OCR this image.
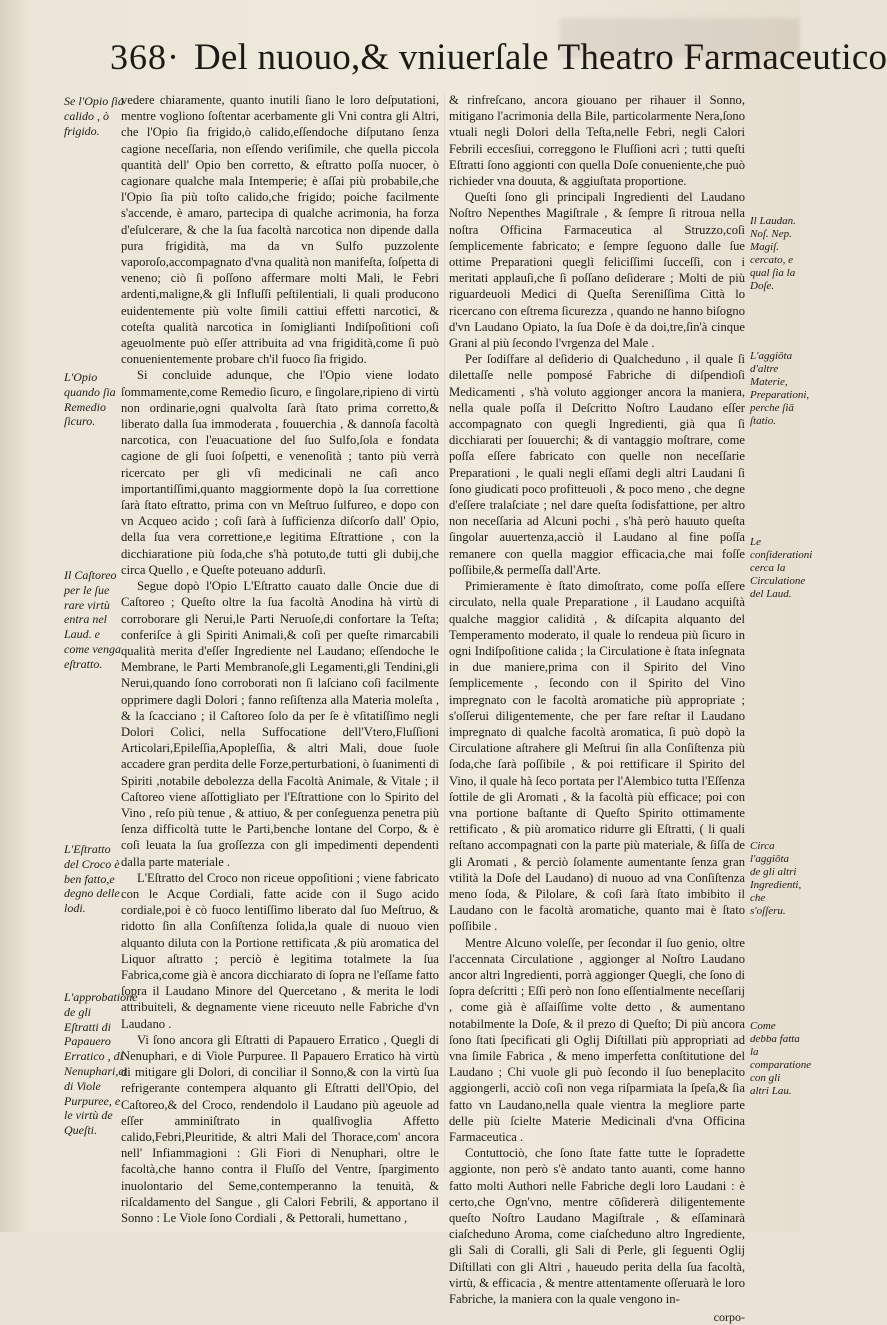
368· Del nuouo,& vniuerſale Theatro Farmaceutico

vedere chiaramente, quanto inutili ſiano le loro deſputationi, mentre vogliono ſoſtentar acerbamente gli Vni contra gli Altri, che l'Opio ſia frigido,ò calido,eſſendoche diſputano ſenza cagione neceſſaria, non eſſendo veriſimile, che quella piccola quantità dell' Opio ben corretto, & eſtratto poſſa nuocer, ò cagionare qualche mala Intemperie; è aſſai più probabile,che l'Opio ſia più toſto calido,che frigido; poiche facilmente s'accende, è amaro, partecipa di qualche acrimonia, ha forza d'eſulcerare, & che la ſua facoltà narcotica non dipende dalla pura frigidità, ma da vn Sulfo puzzolente vaporoſo,accompagnato d'vna qualità non manifeſta, ſoſpetta di veneno; ciò ſi poſſono affermare molti Mali, le Febri ardenti,maligne,& gli Influſſi peſtilentiali, li quali producono euidentemente più volte ſimili cattiui effetti narcotici, & coteſta qualità narcotica in ſomiglianti Indiſpoſitioni coſi ageuolmente può eſſer attribuita ad vna frigidità,come ſi può conuenientemente probare ch'il fuoco ſia frigido.

Si concluide adunque, che l'Opio viene lodato ſommamente,come Remedio ſicuro, e ſingolare,ripieno di virtù non ordinarie,ogni qualvolta ſarà ſtato prima corretto,& liberato dalla ſua immoderata , fouuerchia , & dannoſa facoltà narcotica, con l'euacuatione del ſuo Sulfo,ſola e fondata cagione de gli ſuoi ſoſpetti, e venenoſità ; tanto più verrà ricercato per gli vſi medicinali ne caſi anco importantiſſimi,quanto maggiormente dopò la ſua correttione ſarà ſtato eſtratto, prima con vn Meſtruo ſulfureo, e dopo con vn Acqueo acido ; coſi ſarà à ſufficienza diſcorſo dall' Opio, della ſua vera correttione,e legitima Eſtrattione , con la dicchiaratione più ſoda,che s'hà potuto,de tutti gli dubij,che circa Quello , e Queſte poteuano addurſi.

Segue dopò l'Opio L'Eſtratto cauato dalle Oncie due di Caſtoreo ; Queſto oltre la ſua facoltà Anodina hà virtù di corroborare gli Nerui,le Parti Neruoſe,di confortare la Teſta; conferiſce à gli Spiriti Animali,& coſi per queſte rimarcabili qualità merita d'eſſer Ingrediente nel Laudano; eſſendoche le Membrane, le Parti Membranoſe,gli Legamenti,gli Tendini,gli Nerui,quando ſono corroborati non ſi laſciano coſi facilmente opprimere dagli Dolori ; fanno reſiſtenza alla Materia moleſta , & la ſcacciano ; il Caſtoreo ſolo da per ſe è vſitatiſſimo negli Dolori Colici, nella Suffocatione dell'Vtero,Fluſſioni Articolari,Epileſſia,Apopleſſia, & altri Mali, doue ſuole accadere gran perdita delle Forze,perturbationi, ò ſuanimenti di Spiriti ,notabile debolezza della Facoltà Animale, & Vitale ; il Caſtoreo viene aſſottigliato per l'Eſtrattione con lo Spirito del Vino , reſo più tenue , & attiuo, & per conſeguenza penetra più ſenza difficoltà tutte le Parti,benche lontane del Corpo, & è coſi leuata la ſua groſſezza con gli impedimenti dependenti dalla parte materiale .

L'Eſtratto del Croco non riceue oppoſitioni ; viene fabricato con le Acque Cordiali, fatte acide con il Sugo acido cordiale,poi è cò fuoco lentiſſimo liberato dal ſuo Meſtruo, & ridotto ſin alla Conſiſtenza ſolida,la quale di nuouo vien alquanto diluta con la Portione rettificata ,& più aromatica del Liquor aſtratto ; perciò è legitima totalmete la ſua Fabrica,come già è ancora dicchiarato di ſopra ne l'eſſame fatto ſopra il Laudano Minore del Quercetano , & merita le lodi attribuiteli, & degnamente viene riceuuto nelle Fabriche d'vn Laudano .

Vi ſono ancora gli Eſtratti di Papauero Erratico , Quegli di Nenuphari, e di Viole Purpuree. Il Papauero Erratico hà virtù di mitigare gli Dolori, di conciliar il Sonno,& con la virtù ſua refrigerante contempera alquanto gli Eſtratti dell'Opio, del Caſtoreo,& del Croco, rendendolo il Laudano più ageuole ad eſſer amminiſtrato in qualſivoglia Affetto calido,Febri,Pleuritide, & altri Mali del Thorace,com' ancora nell' Infiammagioni : Gli Fiori di Nenuphari, oltre le facoltà,che hanno contra il Fluſſo del Ventre, ſpargimento inuolontario del Seme,contemperanno la tenuità, & riſcaldamento del Sangue , gli Calori Febrili, & apportano il Sonno : Le Viole ſono Cordiali , & Pettorali, humettano ,

& rinfreſcano, ancora giouano per rihauer il Sonno, mitigano l'acrimonia della Bile, particolarmente Nera,ſono vtuali negli Dolori della Teſta,nelle Febri, negli Calori Febrili eccesſiui, correggono le Fluſſioni acri ; tutti queſti Eſtratti ſono aggionti con quella Doſe conueniente,che può richieder vna douuta, & aggiuſtata proportione.

Queſti ſono gli principali Ingredienti del Laudano Noſtro Nepenthes Magiſtrale , & ſempre ſi ritroua nella noſtra Officina Farmaceutica al Struzzo,coſi ſemplicemente fabricato; e ſempre ſeguono dalle ſue ottime Preparationi queglì feliciſſimi ſucceſſi, con i meritati applauſi,che ſi poſſano deſiderare ; Molti de più riguardeuoli Medici di Queſta Sereniſſima Città lo ricercano con eſtrema ſicurezza , quando ne hanno biſogno d'vn Laudano Opiato, la ſua Doſe è da doi,tre,ſin'à cinque Grani al più ſecondo l'vrgenza del Male .

Per ſodiſfare al deſiderio di Qualcheduno , il quale ſi dilettaſſe nelle pomposé Fabriche di diſpendioſi Medicamenti , s'hà voluto aggionger ancora la maniera, nella quale poſſa il Deſcritto Noſtro Laudano eſſer accompagnato con quegli Ingredienti, già qua ſi dicchiarati per ſouuerchi; & di vantaggio moſtrare, come poſſa eſſere fabricato con quelle non neceſſarie Preparationi , le quali negli eſſami degli altri Laudani ſi ſono giudicati poco profitteuoli , & poco meno , che degne d'eſſere tralaſciate ; nel dare queſta ſodisfattione, per altro non neceſſaria ad Alcuni pochi , s'hà però hauuto queſta ſingolar auuertenza,acciò il Laudano al fine poſſa remanere con quella maggior efficacia,che mai foſſe poſſibile,& permeſſa dall'Arte.

Primieramente è ſtato dimoſtrato, come poſſa eſſere circulato, nella quale Preparatione , il Laudano acquiſtà qualche maggior calidità , & diſcapita alquanto del Temperamento moderato, il quale lo rendeua più ſicuro in ogni Indiſpoſitione calida ; la Circulatione è ſtata inſegnata in due maniere,prima con il Spirito del Vino ſemplicemente , ſecondo con il Spirito del Vino impregnato con le facoltà aromatiche più appropriate ; s'oſſerui diligentemente, che per fare reſtar il Laudano impregnato di qualche facoltà aromatica, ſi può dopò la Circulatione aſtrahere gli Meſtrui ſin alla Conſiſtenza più ſoda,che ſarà poſſibile , & poi rettificare il Spirito del Vino, il quale hà ſeco portata per l'Alembico tutta l'Eſſenza ſottile de gli Aromati , & la facoltà più efficace; poi con vna portione baſtante di Queſto Spirito ottimamente rettificato , & più aromatico ridurre gli Eſtratti, ( li quali reſtano accompagnati con la parte più materiale, & ſiſſa de gli Aromati , & perciò ſolamente aumentante ſenza gran vtilità la Doſe del Laudano) di nuouo ad vna Conſiſtenza meno ſoda, & Pilolare, & coſi ſarà ſtato imbibito il Laudano con le facoltà aromatiche, quanto mai è ſtato poſſibile .

Mentre Alcuno voleſſe, per ſecondar il ſuo genio, oltre l'accennata Circulatione , aggionger al Noſtro Laudano ancor altri Ingredienti, porrà aggionger Quegli, che ſono di ſopra deſcritti ; Eſſi però non ſono eſſentialmente neceſſarij , come già è aſſaiſſime volte detto , & aumentano notabilmente la Doſe, & il prezo di Queſto; Di più ancora ſono ſtati ſpecificati gli Oglij Diſtillati più appropriati ad vna ſimile Fabrica , & meno imperfetta conſtitutione del Laudano ; Chi vuole gli può ſecondo il ſuo beneplacito aggiongerli, acciò coſi non vega riſparmiata la ſpeſa,& ſia fatto vn Laudano,nella quale vientra la megliore parte delle più ſcielte Materie Medicinali d'vna Officina Farmaceutica .

Contuttociò, che ſono ſtate fatte tutte le ſopradette aggionte, non però s'è andato tanto auanti, come hanno fatto molti Authori nelle Fabriche degli loro Laudani : è certo,che Ogn'vno, mentre cōſidererà diligentemente queſto Noſtro Laudano Magiſtrale , & eſſaminarà ciaſcheduno Aroma, come ciaſcheduno altro Ingrediente, gli Sali di Coralli, gli Sali di Perle, gli ſeguenti Oglij Diſtillati con gli Altri , haueudo perita della ſua facoltà, virtù, & efficacia , & mentre attentamente oſſeruarà le loro Fabriche, la maniera con la quale vengono in-

corpo-
Se l'Opio ſia calido , ò frigido.
L'Opio quando ſia Remedio ſicuro.
Il Caſtoreo per le ſue rare virtù entra nel Laud. e come venga eſtratto.
L'Eſtratto del Croco è ben fatto,e degno delle lodi.
L'approbatione de gli Eſtratti di Papauero Erratico , di Nenuphari,et di Viole Purpuree, e le virtù de Queſti.
Il Laudan. Noſ. Nep. Magiſ. cercato, e qual ſia la Doſe.
L'aggiōta d'altre Materie, Preparationi, perche ſiā ſtatio.
Le conſiderationi cerca la Circulatione del Laud.
Circa l'aggiōta de gli altri Ingredienti, che s'oſſeru.
Come debba fatta la comparatione con gli altri Lau.
